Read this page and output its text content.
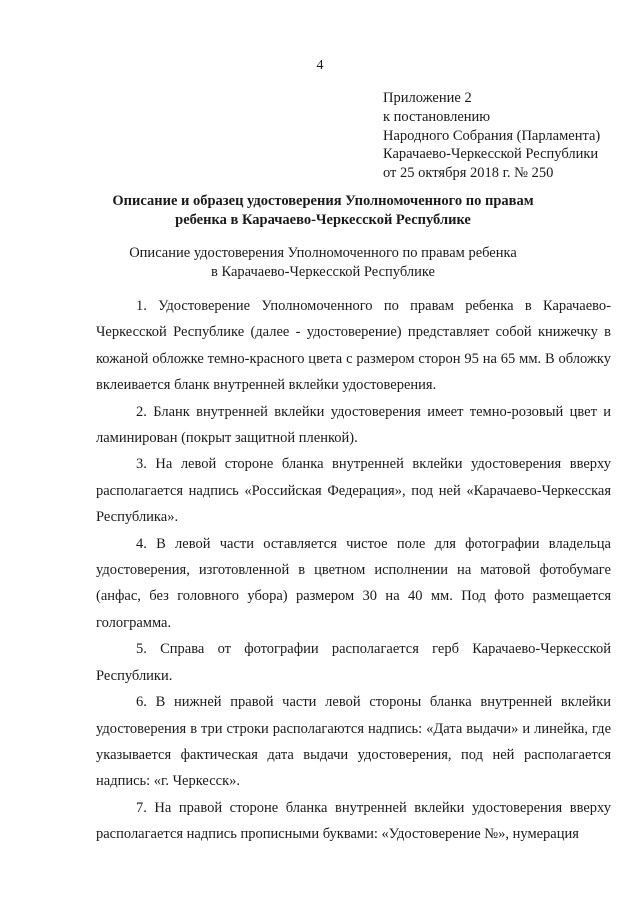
4
Приложение 2
к постановлению
Народного Собрания (Парламента)
Карачаево-Черкесской Республики
от 25 октября 2018 г. № 250
Описание и образец удостоверения Уполномоченного по правам
ребенка в Карачаево-Черкесской Республике
Описание удостоверения Уполномоченного по правам ребенка
в Карачаево-Черкесской Республике

1. Удостоверение Уполномоченного по правам ребенка в Карачаево-Черкесской Республике (далее - удостоверение) представляет собой книжечку в кожаной обложке темно-красного цвета с размером сторон 95 на 65 мм. В обложку вклеивается бланк внутренней вклейки удостоверения.

2. Бланк внутренней вклейки удостоверения имеет темно-розовый цвет и ламинирован (покрыт защитной пленкой).

3. На левой стороне бланка внутренней вклейки удостоверения вверху располагается надпись «Российская Федерация», под ней «Карачаево-Черкесская Республика».

4. В левой части оставляется чистое поле для фотографии владельца удостоверения, изготовленной в цветном исполнении на матовой фотобумаге (анфас, без головного убора) размером 30 на 40 мм. Под фото размещается голограмма.

5. Справа от фотографии располагается герб Карачаево-Черкесской Республики.

6. В нижней правой части левой стороны бланка внутренней вклейки удостоверения в три строки располагаются надпись: «Дата выдачи» и линейка, где указывается фактическая дата выдачи удостоверения, под ней располагается надпись: «г. Черкесск».

7. На правой стороне бланка внутренней вклейки удостоверения вверху располагается надпись прописными буквами: «Удостоверение №», нумерация
